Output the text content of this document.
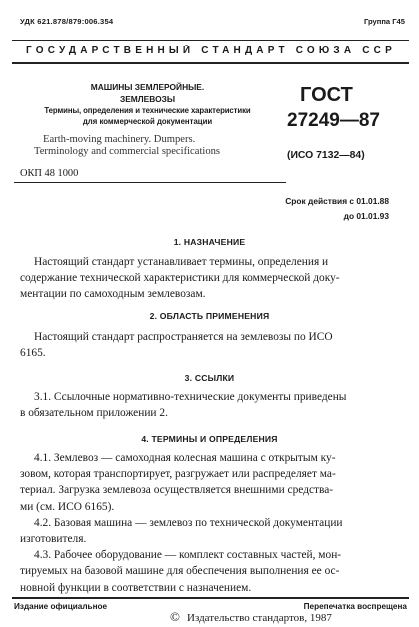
УДК 621.878/879:006.354	Группа Г45
ГОСУДАРСТВЕННЫЙ СТАНДАРТ СОЮЗА ССР
МАШИНЫ ЗЕМЛЕРОЙНЫЕ.
ЗЕМЛЕВОЗЫ
Термины, определения и технические характеристики
для коммерческой документации
Earth-moving machinery. Dumpers.
Terminology and commercial specifications
ГОСТ
27249—87
(ИСО 7132—84)
ОКП 48 1000
Срок действия с 01.01.88
до 01.01.93
1. НАЗНАЧЕНИЕ
Настоящий стандарт устанавливает термины, определения и
содержание технической характеристики для коммерческой доку-
ментации по самоходным землевозам.
2. ОБЛАСТЬ ПРИМЕНЕНИЯ
Настоящий стандарт распространяется на землевозы по ИСО
6165.
3. ССЫЛКИ
3.1. Ссылочные нормативно-технические документы приведены
в обязательном приложении 2.
4. ТЕРМИНЫ И ОПРЕДЕЛЕНИЯ
4.1. Землевоз — самоходная колесная машина с открытым ку-
зовом, которая транспортирует, разгружает или распределяет ма-
териал. Загрузка землевоза осуществляется внешними средства-
ми (см. ИСО 6165).
4.2. Базовая машина — землевоз по технической документации
изготовителя.
4.3. Рабочее оборудование — комплект составных частей, мон-
тируемых на базовой машине для обеспечения выполнения ее ос-
новной функции в соответствии с назначением.
Издание официальное	Перепечатка воспрещена
© Издательство стандартов, 1987
